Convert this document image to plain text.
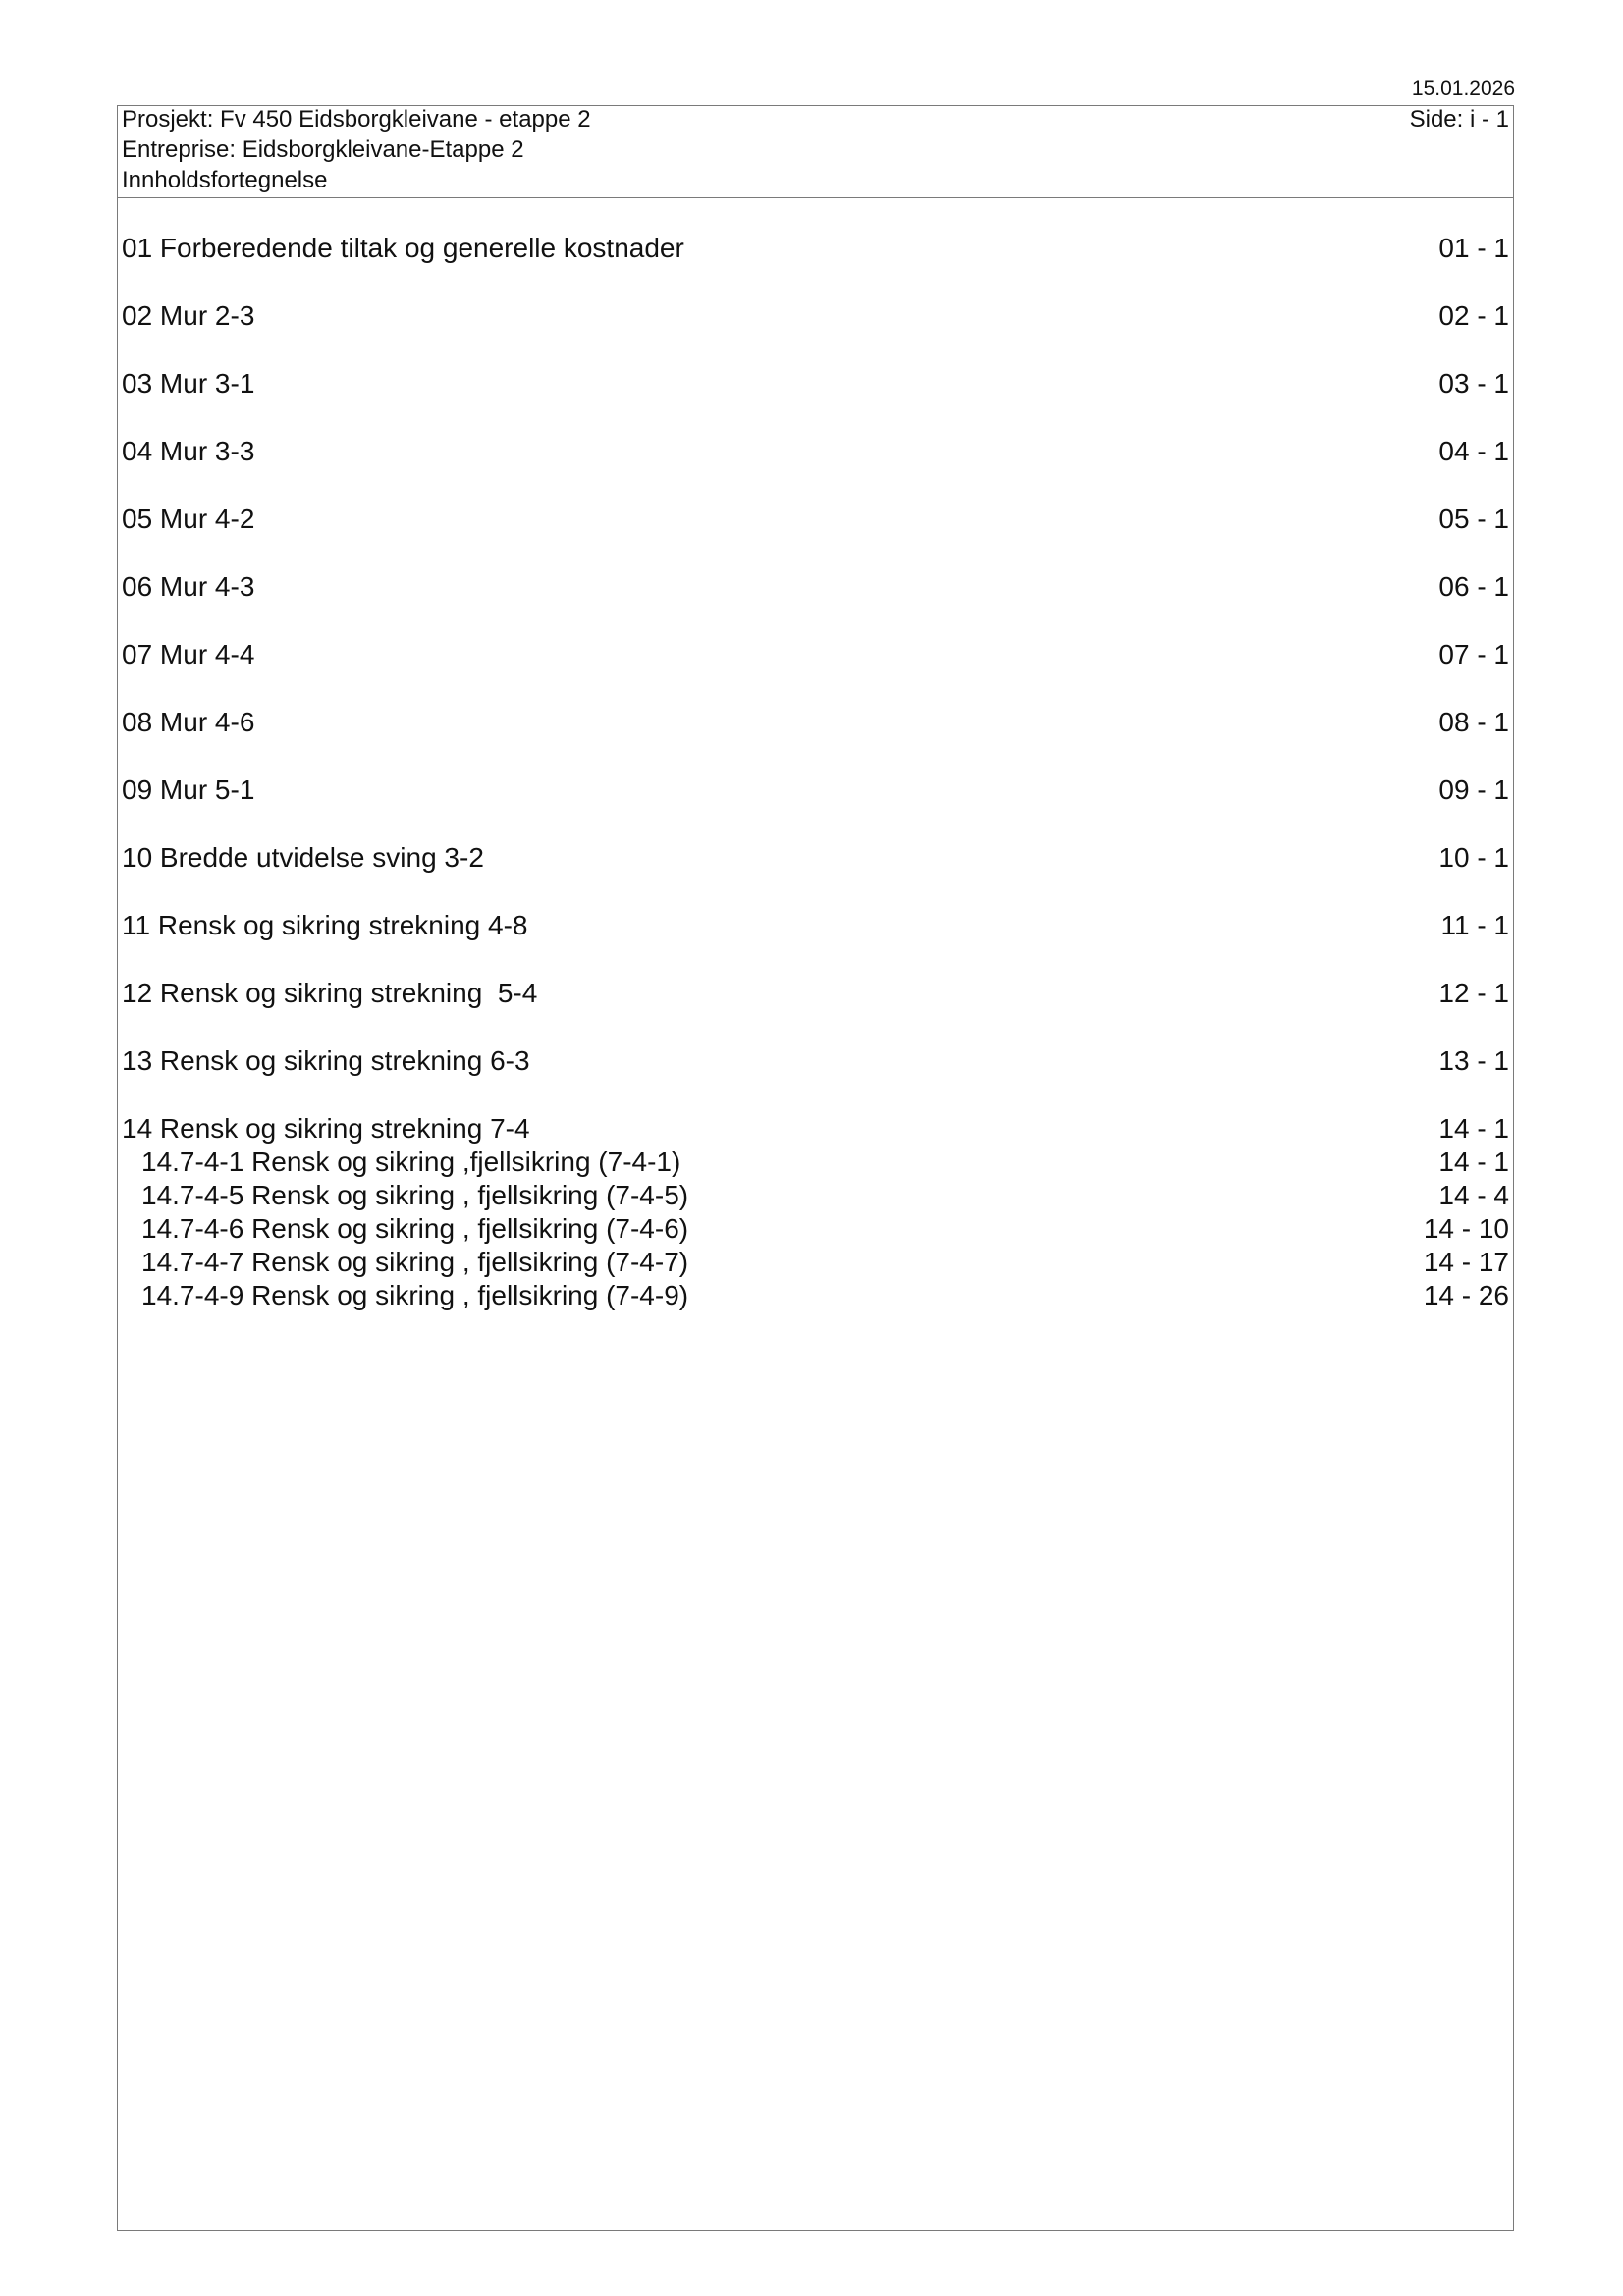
15.01.2026
Prosjekt: Fv 450 Eidsborgkleivane - etappe 2
Entreprise: Eidsborgkleivane-Etappe 2
Innholdsfortegnelse
Side: i - 1
01 Forberedende tiltak og generelle kostnader	01 - 1
02 Mur 2-3	02 - 1
03 Mur 3-1	03 - 1
04 Mur 3-3	04 - 1
05 Mur 4-2	05 - 1
06 Mur 4-3	06 - 1
07 Mur 4-4	07 - 1
08 Mur 4-6	08 - 1
09 Mur 5-1	09 - 1
10 Bredde utvidelse sving 3-2	10 - 1
11 Rensk og sikring strekning 4-8	11 - 1
12 Rensk og sikring strekning  5-4	12 - 1
13 Rensk og sikring strekning 6-3	13 - 1
14 Rensk og sikring strekning 7-4	14 - 1
14.7-4-1 Rensk og sikring ,fjellsikring (7-4-1)	14 - 1
14.7-4-5 Rensk og sikring , fjellsikring (7-4-5)	14 - 4
14.7-4-6 Rensk og sikring , fjellsikring (7-4-6)	14 - 10
14.7-4-7 Rensk og sikring , fjellsikring (7-4-7)	14 - 17
14.7-4-9 Rensk og sikring , fjellsikring (7-4-9)	14 - 26
